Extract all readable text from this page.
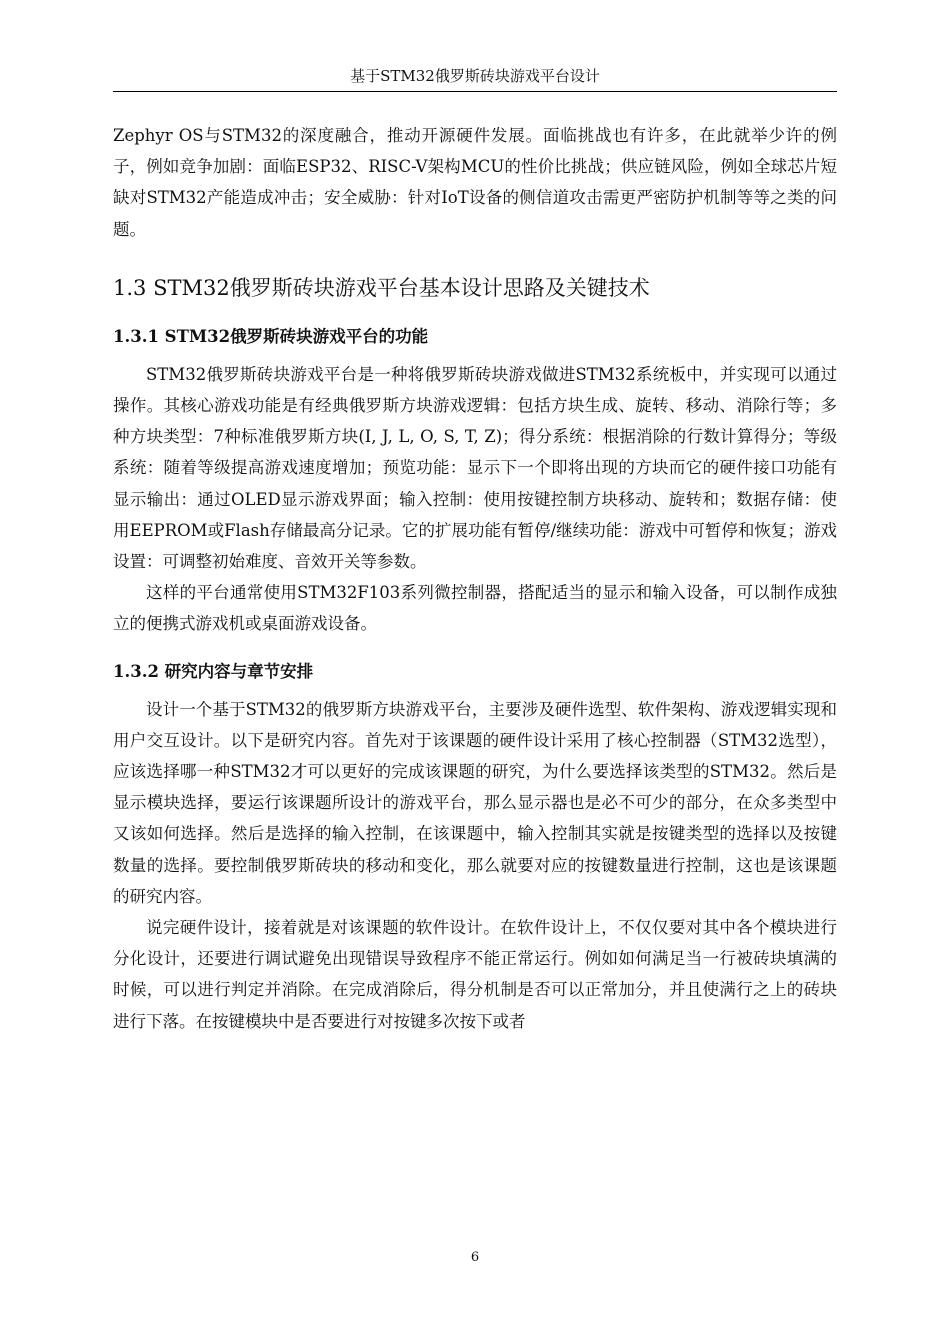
基于STM32俄罗斯砖块游戏平台设计

Zephyr OS与STM32的深度融合，推动开源硬件发展。面临挑战也有许多，在此就举少许的例子，例如竞争加剧：面临ESP32、RISC-V架构MCU的性价比挑战；供应链风险，例如全球芯片短缺对STM32产能造成冲击；安全威胁：针对IoT设备的侧信道攻击需更严密防护机制等等之类的问题。

1.3 STM32俄罗斯砖块游戏平台基本设计思路及关键技术
1.3.1 STM32俄罗斯砖块游戏平台的功能

STM32俄罗斯砖块游戏平台是一种将俄罗斯砖块游戏做进STM32系统板中，并实现可以通过操作。其核心游戏功能是有经典俄罗斯方块游戏逻辑：包括方块生成、旋转、移动、消除行等；多种方块类型：7种标准俄罗斯方块(I, J, L, O, S, T, Z)；得分系统：根据消除的行数计算得分；等级系统：随着等级提高游戏速度增加；预览功能：显示下一个即将出现的方块而它的硬件接口功能有显示输出：通过OLED显示游戏界面；输入控制：使用按键控制方块移动、旋转和；数据存储：使用EEPROM或Flash存储最高分记录。它的扩展功能有暂停/继续功能：游戏中可暂停和恢复；游戏设置：可调整初始难度、音效开关等参数。

这样的平台通常使用STM32F103系列微控制器，搭配适当的显示和输入设备，可以制作成独立的便携式游戏机或桌面游戏设备。

1.3.2 研究内容与章节安排

设计一个基于STM32的俄罗斯方块游戏平台，主要涉及硬件选型、软件架构、游戏逻辑实现和用户交互设计。以下是研究内容。首先对于该课题的硬件设计采用了核心控制器（STM32选型），应该选择哪一种STM32才可以更好的完成该课题的研究，为什么要选择该类型的STM32。然后是显示模块选择，要运行该课题所设计的游戏平台，那么显示器也是必不可少的部分，在众多类型中又该如何选择。然后是选择的输入控制，在该课题中，输入控制其实就是按键类型的选择以及按键数量的选择。要控制俄罗斯砖块的移动和变化，那么就要对应的按键数量进行控制，这也是该课题的研究内容。

说完硬件设计，接着就是对该课题的软件设计。在软件设计上，不仅仅要对其中各个模块进行分化设计，还要进行调试避免出现错误导致程序不能正常运行。例如如何满足当一行被砖块填满的时候，可以进行判定并消除。在完成消除后，得分机制是否可以正常加分，并且使满行之上的砖块进行下落。在按键模块中是否要进行对按键多次按下或者

6
